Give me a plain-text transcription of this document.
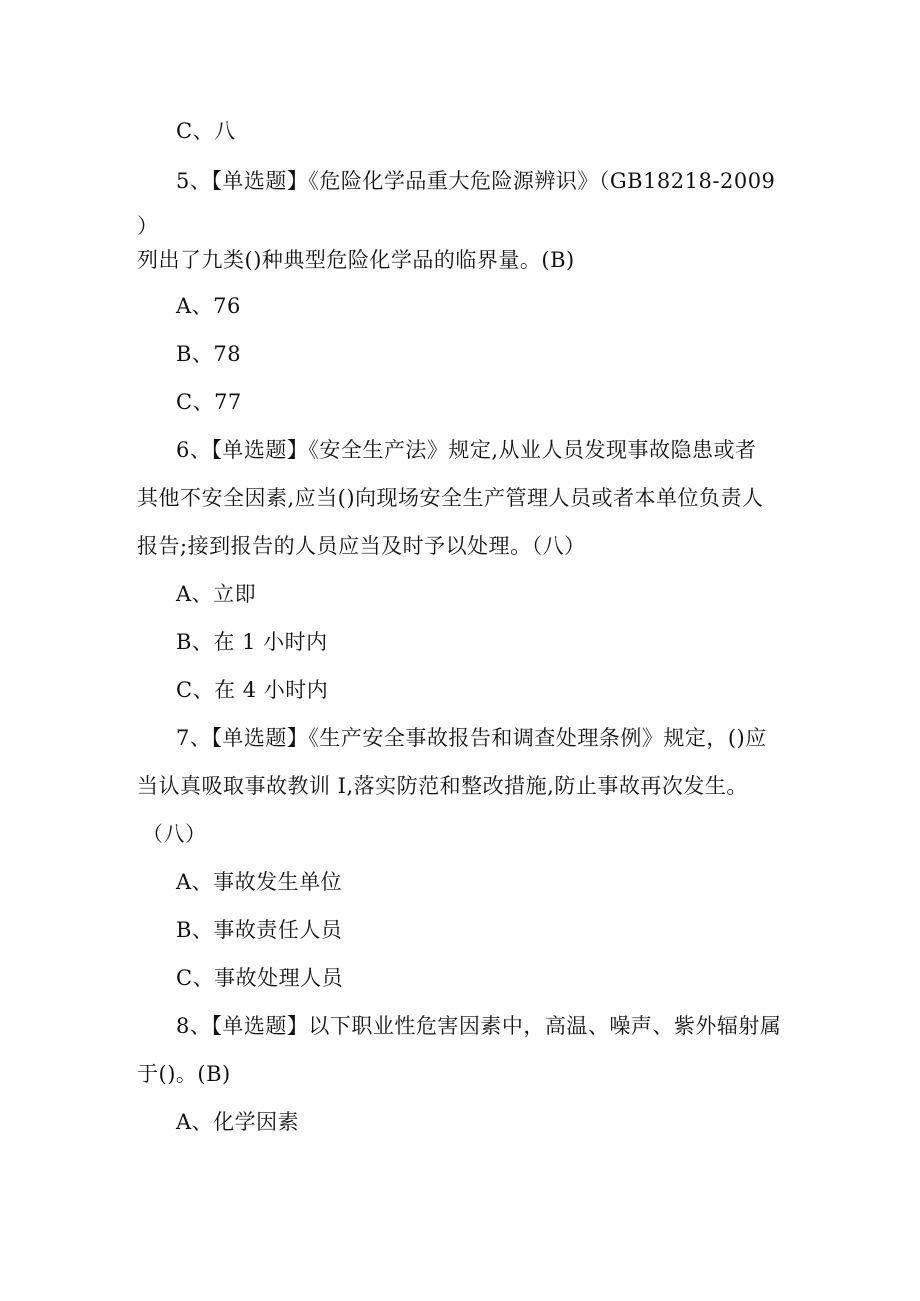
C、八
5、【单选题】《危险化学品重大危险源辨识》（GB18218-2009
）
列出了九类()种典型危险化学品的临界量。(B)
A、76
B、78
C、77
6、【单选题】《安全生产法》规定,从业人员发现事故隐患或者
其他不安全因素,应当()向现场安全生产管理人员或者本单位负责人
报告;接到报告的人员应当及时予以处理。（八）
A、立即
B、在 1 小时内
C、在 4 小时内
7、【单选题】《生产安全事故报告和调查处理条例》规定，()应
当认真吸取事故教训 I,落实防范和整改措施,防止事故再次发生。
（八）
A、事故发生单位
B、事故责任人员
C、事故处理人员
8、【单选题】以下职业性危害因素中，高温、噪声、紫外辐射属
于()。(B)
A、化学因素
